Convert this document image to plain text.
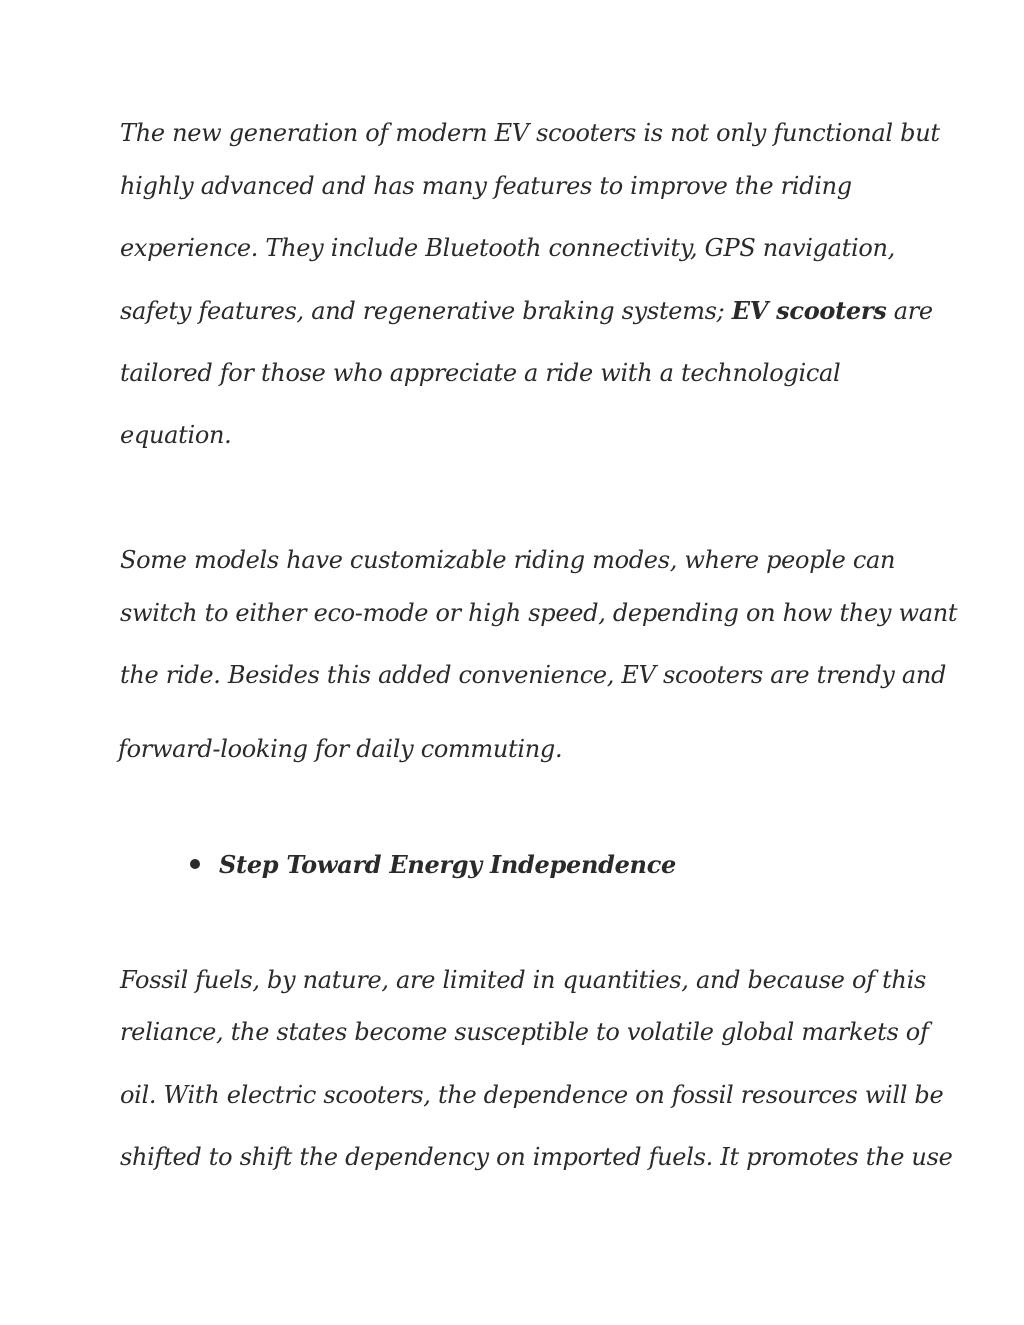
The new generation of modern EV scooters is not only functional but

highly advanced and has many features to improve the riding

experience. They include Bluetooth connectivity, GPS navigation,

safety features, and regenerative braking systems; EV scooters are

tailored for those who appreciate a ride with a technological

equation.

Some models have customizable riding modes, where people can

switch to either eco-mode or high speed, depending on how they want

the ride. Besides this added convenience, EV scooters are trendy and

forward-looking for daily commuting.

Step Toward Energy Independence

Fossil fuels, by nature, are limited in quantities, and because of this

reliance, the states become susceptible to volatile global markets of

oil. With electric scooters, the dependence on fossil resources will be

shifted to shift the dependency on imported fuels. It promotes the use
